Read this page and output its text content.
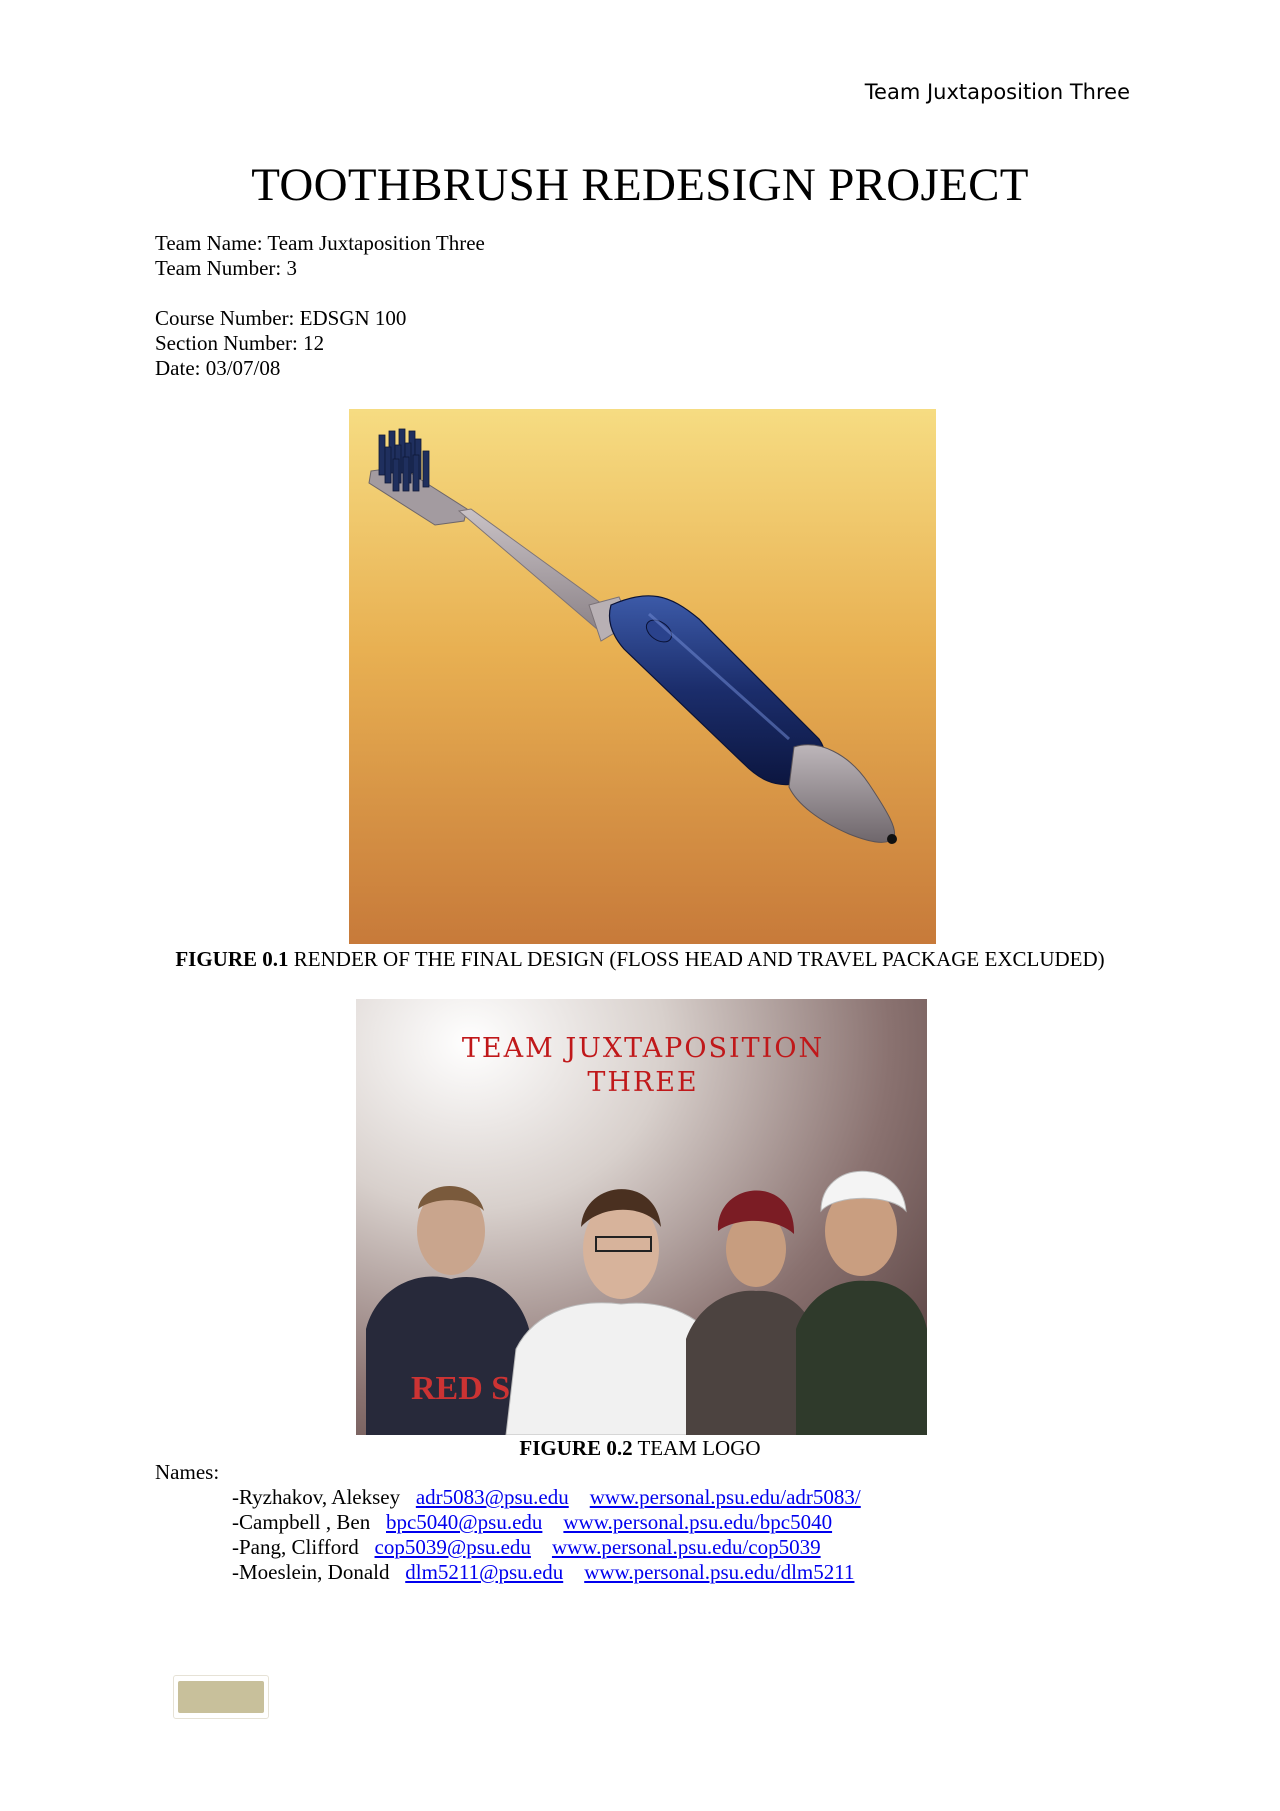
Team Juxtaposition Three
TOOTHBRUSH REDESIGN PROJECT
Team Name: Team Juxtaposition Three
Team Number: 3
Course Number: EDSGN 100
Section Number: 12
Date: 03/07/08
FIGURE 0.1 RENDER OF THE FINAL DESIGN (FLOSS HEAD AND TRAVEL PACKAGE EXCLUDED)
TEAM JUXTAPOSITION
THREE
RED S
FIGURE 0.2 TEAM LOGO
Names:
-Ryzhakov, Aleksey adr5083@psu.edu www.personal.psu.edu/adr5083/
-Campbell , Ben bpc5040@psu.edu www.personal.psu.edu/bpc5040
-Pang, Clifford cop5039@psu.edu www.personal.psu.edu/cop5039
-Moeslein, Donald dlm5211@psu.edu www.personal.psu.edu/dlm5211
